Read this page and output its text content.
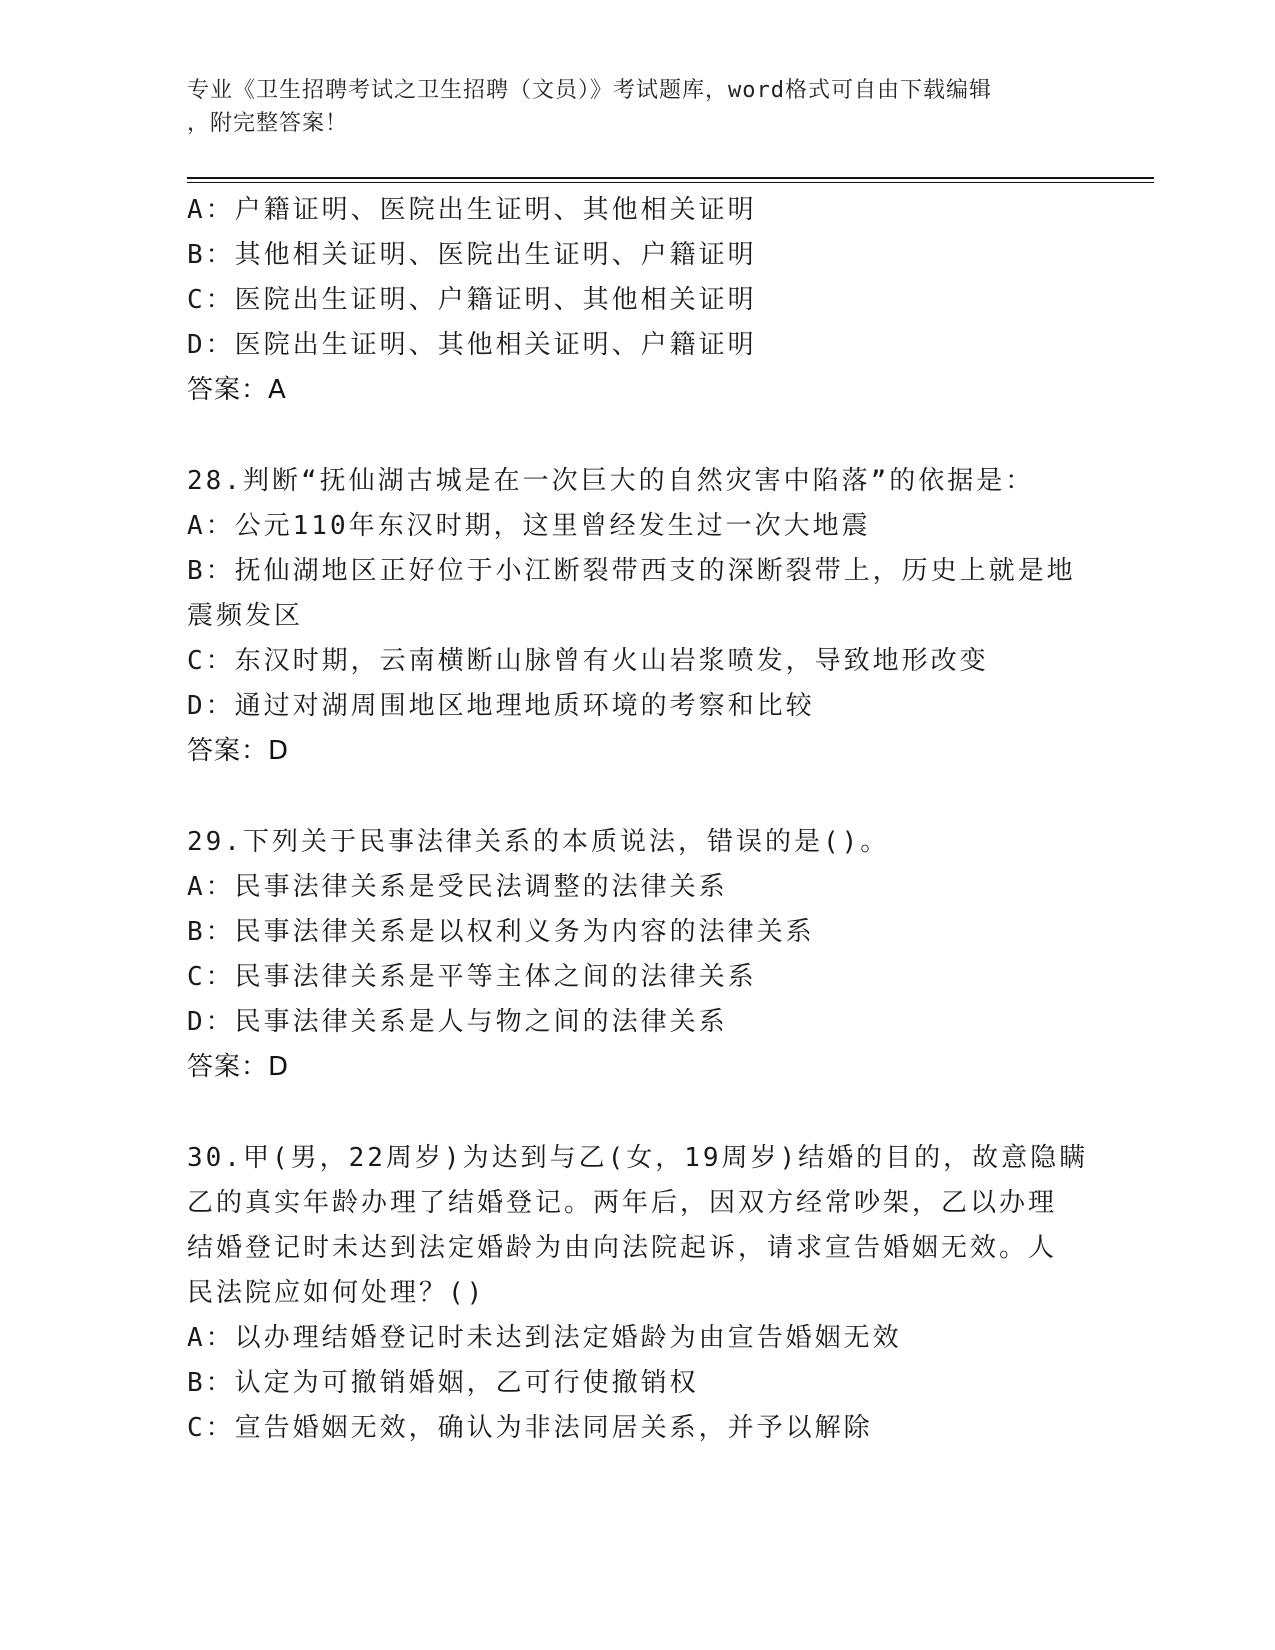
专业《卫生招聘考试之卫生招聘（文员）》考试题库，word格式可自由下载编辑
，附完整答案！
A：户籍证明、医院出生证明、其他相关证明
B：其他相关证明、医院出生证明、户籍证明
C：医院出生证明、户籍证明、其他相关证明
D：医院出生证明、其他相关证明、户籍证明
答案：A
28.判断“抚仙湖古城是在一次巨大的自然灾害中陷落”的依据是：
A：公元110年东汉时期，这里曾经发生过一次大地震
B：抚仙湖地区正好位于小江断裂带西支的深断裂带上，历史上就是地
震频发区
C：东汉时期，云南横断山脉曾有火山岩浆喷发，导致地形改变
D：通过对湖周围地区地理地质环境的考察和比较
答案：D
29.下列关于民事法律关系的本质说法，错误的是()。
A：民事法律关系是受民法调整的法律关系
B：民事法律关系是以权利义务为内容的法律关系
C：民事法律关系是平等主体之间的法律关系
D：民事法律关系是人与物之间的法律关系
答案：D
30.甲(男，22周岁)为达到与乙(女，19周岁)结婚的目的，故意隐瞒
乙的真实年龄办理了结婚登记。两年后，因双方经常吵架，乙以办理
结婚登记时未达到法定婚龄为由向法院起诉，请求宣告婚姻无效。人
民法院应如何处理？()
A：以办理结婚登记时未达到法定婚龄为由宣告婚姻无效
B：认定为可撤销婚姻，乙可行使撤销权
C：宣告婚姻无效，确认为非法同居关系，并予以解除
